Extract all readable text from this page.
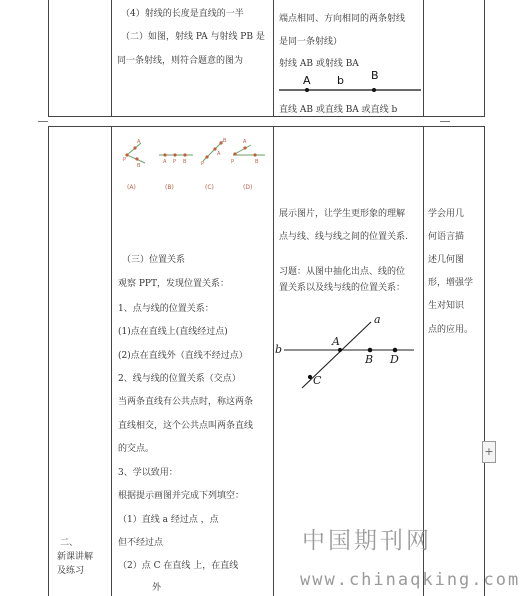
（4）射线的长度是直线的一半
（二）如图，射线 PA 与射线 PB 是
同一条射线，则符合题意的图为
端点相同、方向相同的两条射线
是同一条射线）
射线 AB 或射线 BA
A b B
直线 AB 或直线 BA 或直线 b
P
A
B
(A)
A P B
(B)
P
A
B
(C)
P
A
B
(D)
（三）位置关系
观察 PPT，发现位置关系：
1、点与线的位置关系：
(1)点在直线上(直线经过点)
(2)点在直线外（直线不经过点）
2、线与线的位置关系（交点）
当两条直线有公共点时，称这两条
直线相交，这个公共点叫两条直线
的交点。
3、学以致用：
根据提示画图并完成下列填空：
（1）直线 a 经过点 ，点
但不经过点
（2）点 C 在直线 上，在直线
外
展示图片，让学生更形象的理解
点与线、线与线之间的位置关系.
习题：从图中抽化出点、线的位
置关系以及线与线的位置关系：
a
b
A
B D
C
学会用几
何语言描
述几何图
形，增强学
生对知识
点的应用。
二、
新课讲解
及练习
+
中国期刊网
www.chinaqking.com
